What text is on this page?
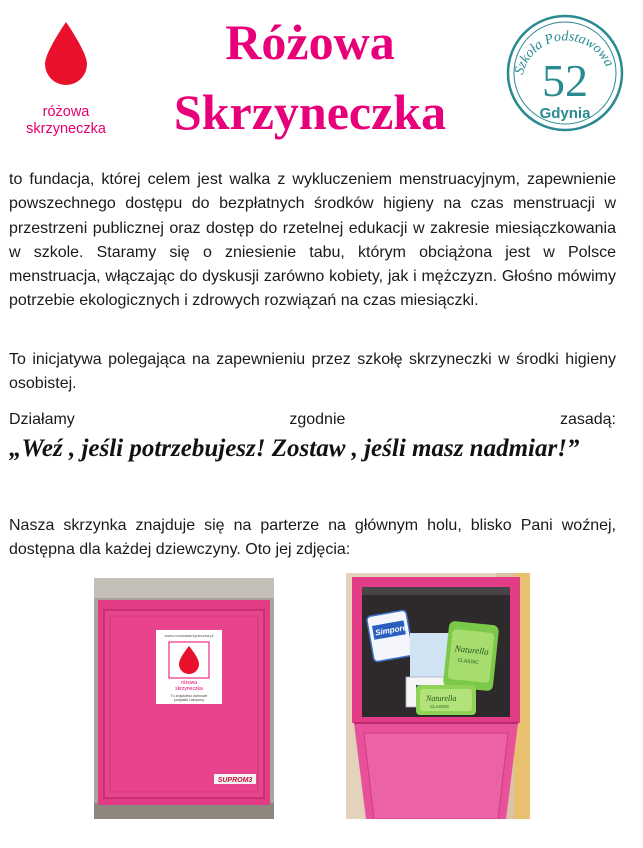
różowa
skrzyneczka
Różowa
Skrzyneczka
Szkoła Podstawowa
52
Gdynia

to fundacja, której celem jest walka z wykluczeniem menstruacyjnym, zapewnienie powszechnego dostępu do bezpłatnych środków higieny na czas menstruacji w przestrzeni publicznej oraz dostęp do rzetelnej edukacji w zakresie miesiączkowania w szkole. Staramy się o zniesienie tabu, którym obciążona jest w Polsce menstruacja, włączając do dyskusji zarówno kobiety, jak i mężczyzn. Głośno mówimy potrzebie ekologicznych i zdrowych rozwiązań na czas miesiączki.

To inicjatywa polegająca na zapewnieniu przez szkołę skrzyneczki w środki higieny osobistej.

Działamy zgodnie zasadą:

„Weź , jeśli potrzebujesz! Zostaw , jeśli masz nadmiar!”

Nasza skrzynka znajduje się na parterze na głównym holu, blisko Pani woźnej, dostępna dla każdej dziewczyny. Oto jej zdjęcia:

www.rozowaskrzyneczka.pl
różowa
skrzyneczka
Tu znajdziesz darmowe
podpaski i tampony
SUPROM3
Simpore
Naturella
CLASSIC
Naturella
CLASSIC
